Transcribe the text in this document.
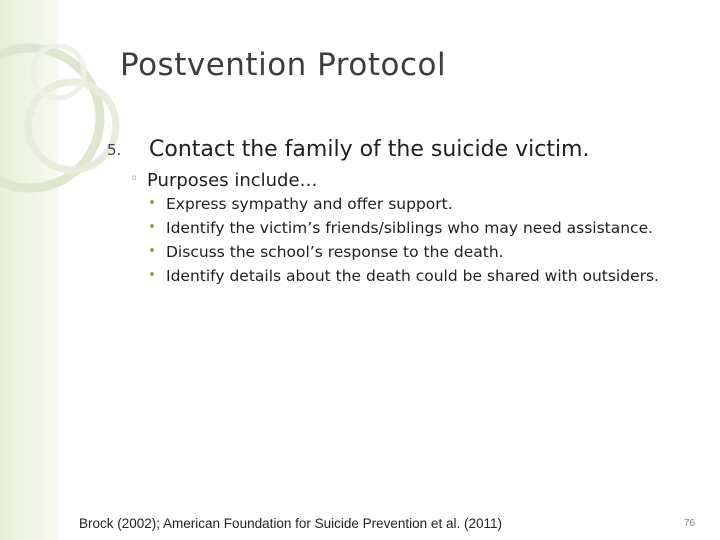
Postvention Protocol
5. Contact the family of the suicide victim.
◦ Purposes include…
Express sympathy and offer support.
Identify the victim’s friends/siblings who may need assistance.
Discuss the school’s response to the death.
Identify details about the death could be shared with outsiders.
Brock (2002); American Foundation for Suicide Prevention et al. (2011)	76
